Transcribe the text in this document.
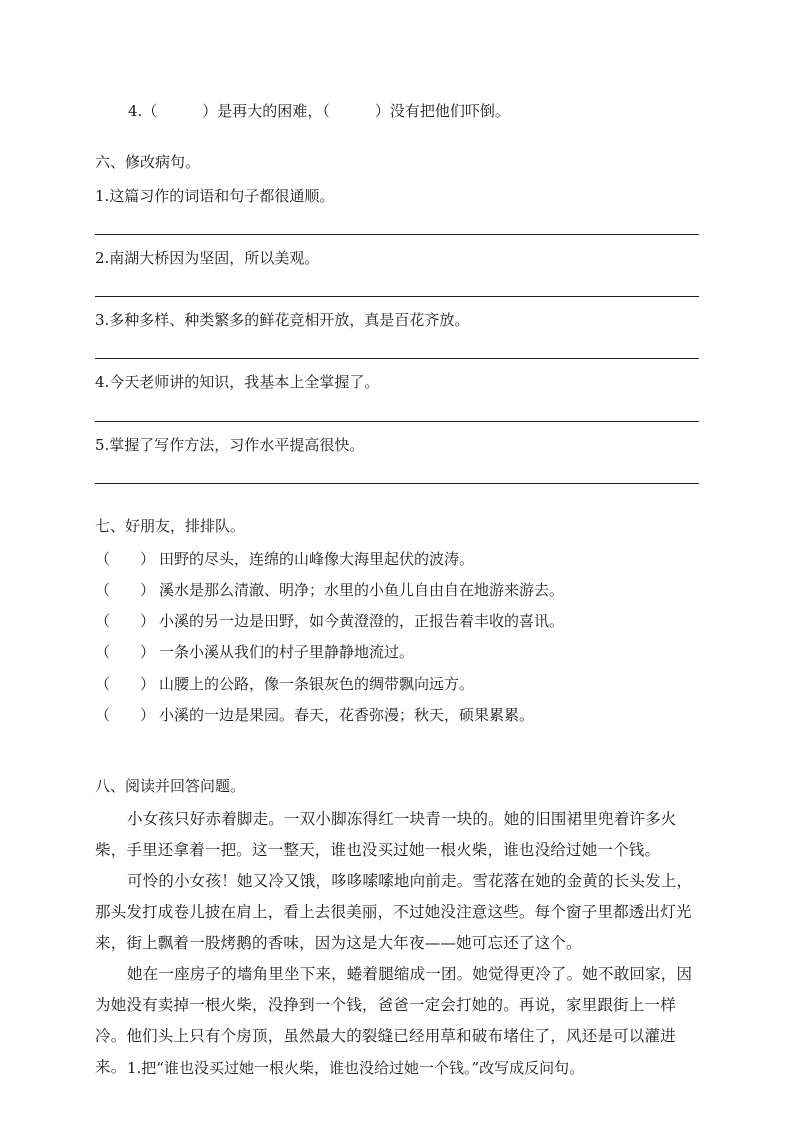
4.（　　　）是再大的困难，（　　　）没有把他们吓倒。
六、修改病句。
1.这篇习作的词语和句子都很通顺。
2.南湖大桥因为坚固，所以美观。
3.多种多样、种类繁多的鲜花竞相开放，真是百花齐放。
4.今天老师讲的知识，我基本上全掌握了。
5.掌握了写作方法，习作水平提高很快。
七、好朋友，排排队。
（　　） 田野的尽头，连绵的山峰像大海里起伏的波涛。
（　　） 溪水是那么清澈、明净；水里的小鱼儿自由自在地游来游去。
（　　） 小溪的另一边是田野，如今黄澄澄的，正报告着丰收的喜讯。
（　　） 一条小溪从我们的村子里静静地流过。
（　　） 山腰上的公路，像一条银灰色的绸带飘向远方。
（　　） 小溪的一边是果园。春天，花香弥漫；秋天，硕果累累。
八、阅读并回答问题。
小女孩只好赤着脚走。一双小脚冻得红一块青一块的。她的旧围裙里兜着许多火柴，手里还拿着一把。这一整天，谁也没买过她一根火柴，谁也没给过她一个钱。
可怜的小女孩！她又冷又饿，哆哆嗦嗦地向前走。雪花落在她的金黄的长头发上，那头发打成卷儿披在肩上，看上去很美丽，不过她没注意这些。每个窗子里都透出灯光来，街上飘着一股烤鹅的香味，因为这是大年夜——她可忘还了这个。
她在一座房子的墙角里坐下来，蜷着腿缩成一团。她觉得更冷了。她不敢回家，因为她没有卖掉一根火柴，没挣到一个钱，爸爸一定会打她的。再说，家里跟街上一样冷。他们头上只有个房顶，虽然最大的裂缝已经用草和破布堵住了，风还是可以灌进来。 1.把“谁也没买过她一根火柴，谁也没给过她一个钱。”改写成反问句。
